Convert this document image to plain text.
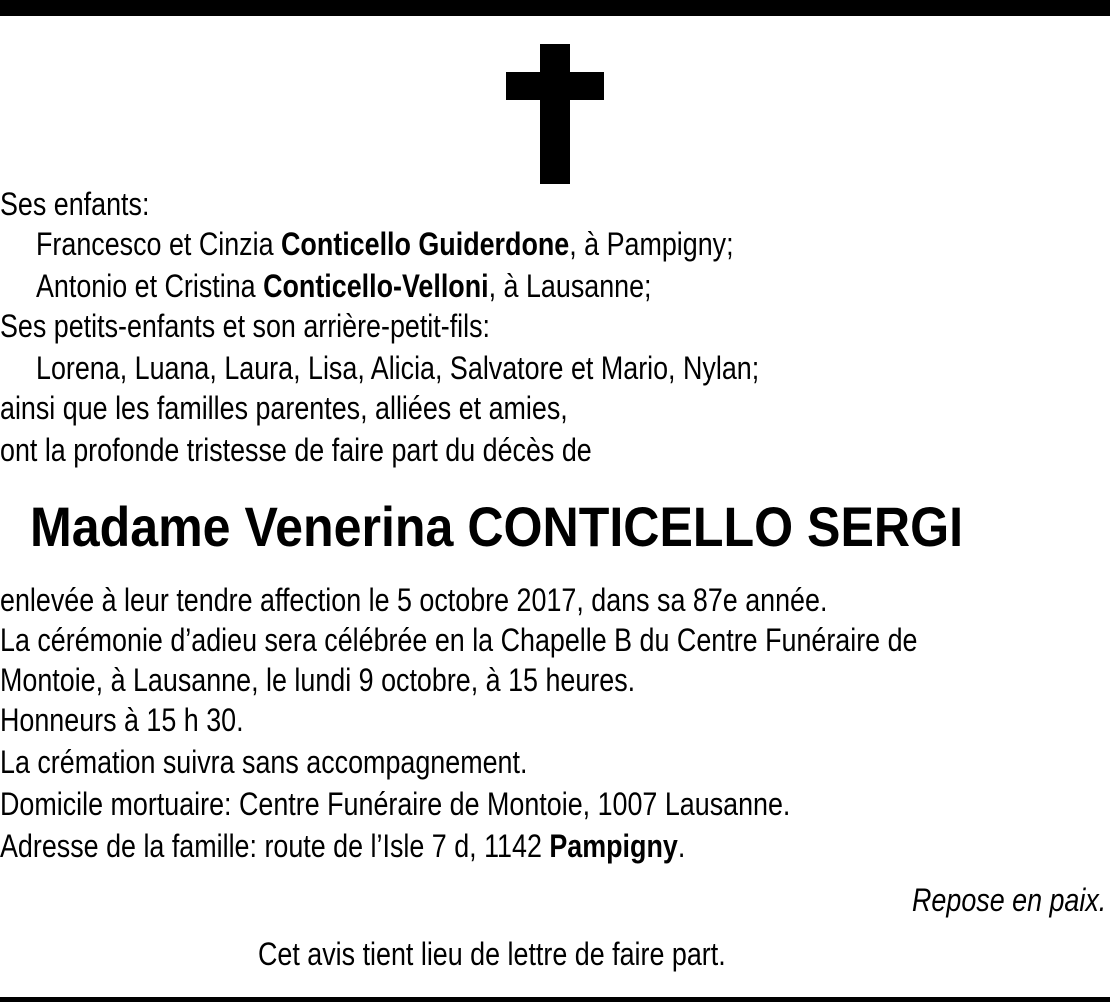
Ses enfants:
Francesco et Cinzia Conticello Guiderdone, à Pampigny;
Antonio et Cristina Conticello-Velloni, à Lausanne;
Ses petits-enfants et son arrière-petit-fils:
Lorena, Luana, Laura, Lisa, Alicia, Salvatore et Mario, Nylan;
ainsi que les familles parentes, alliées et amies,
ont la profonde tristesse de faire part du décès de
Madame Venerina CONTICELLO SERGI
enlevée à leur tendre affection le 5 octobre 2017, dans sa 87e année.
La cérémonie d’adieu sera célébrée en la Chapelle B du Centre Funéraire de
Montoie, à Lausanne, le lundi 9 octobre, à 15 heures.
Honneurs à 15 h 30.
La crémation suivra sans accompagnement.
Domicile mortuaire: Centre Funéraire de Montoie, 1007 Lausanne.
Adresse de la famille: route de l’Isle 7 d, 1142 Pampigny.
Repose en paix.
Cet avis tient lieu de lettre de faire part.
